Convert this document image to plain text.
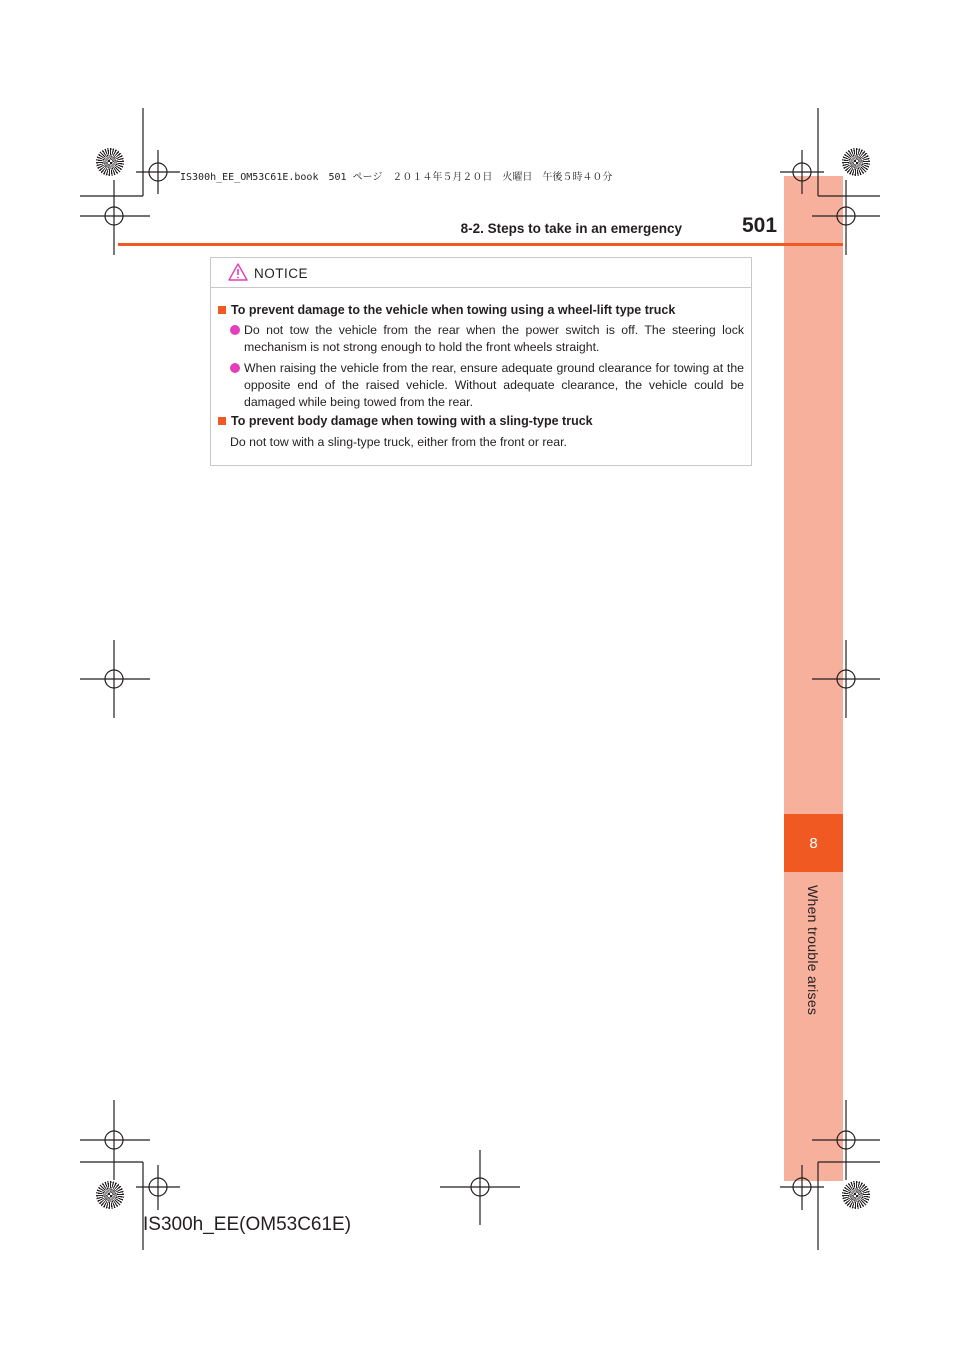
8
When trouble arises
IS300h_EE_OM53C61E.book　501 ページ　２０１４年５月２０日　火曜日　午後５時４０分
8-2. Steps to take in an emergency	501
NOTICE
To prevent damage to the vehicle when towing using a wheel-lift type truck
Do not tow the vehicle from the rear when the power switch is off. The steering lock mechanism is not strong enough to hold the front wheels straight.
When raising the vehicle from the rear, ensure adequate ground clearance for towing at the opposite end of the raised vehicle. Without adequate clearance, the vehicle could be damaged while being towed from the rear.
To prevent body damage when towing with a sling-type truck
Do not tow with a sling-type truck, either from the front or rear.
IS300h_EE(OM53C61E)
